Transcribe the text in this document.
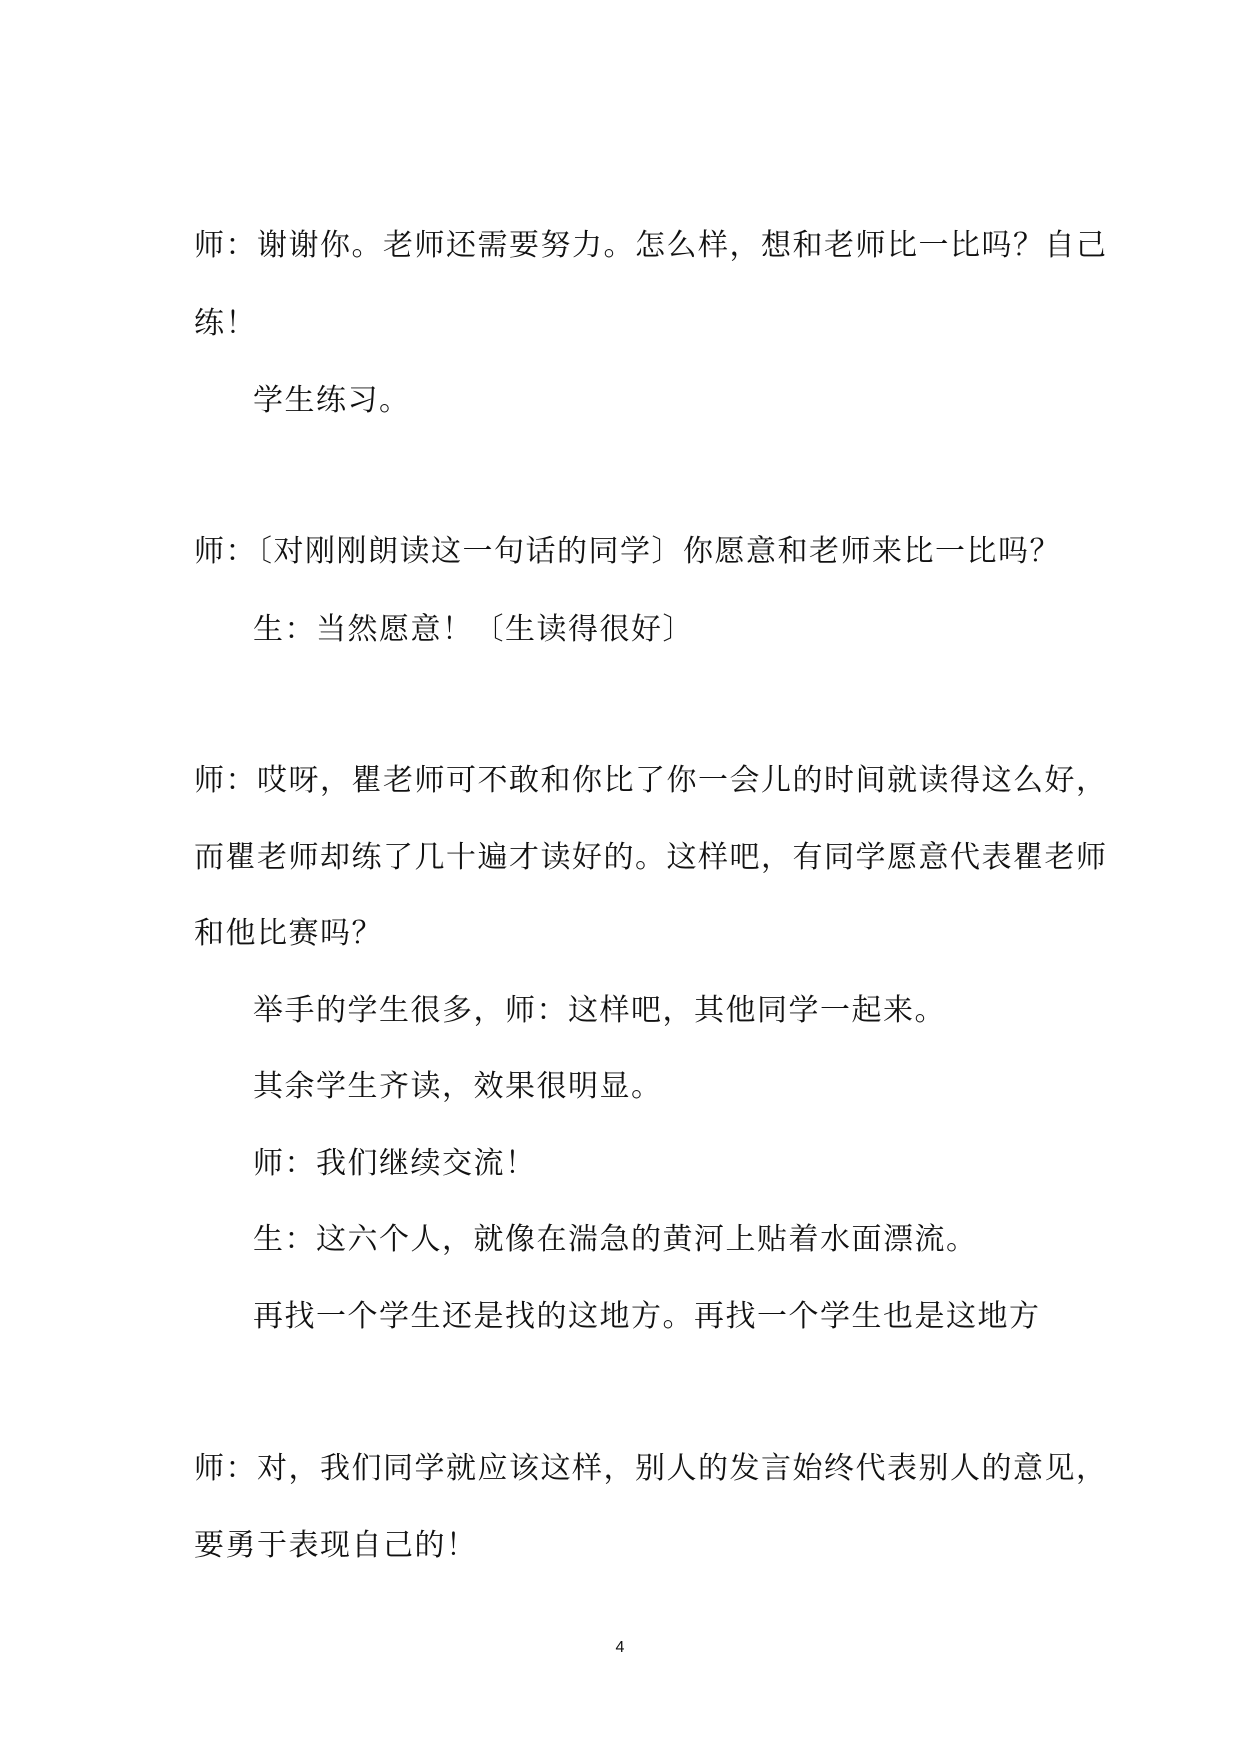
师：谢谢你。老师还需要努力。怎么样，想和老师比一比吗？自己
练！
学生练习。
师：〔对刚刚朗读这一句话的同学〕你愿意和老师来比一比吗？
生：当然愿意！〔生读得很好〕
师：哎呀，瞿老师可不敢和你比了你一会儿的时间就读得这么好，
而瞿老师却练了几十遍才读好的。这样吧，有同学愿意代表瞿老师
和他比赛吗？
举手的学生很多，师：这样吧，其他同学一起来。
其余学生齐读，效果很明显。
师：我们继续交流！
生：这六个人，就像在湍急的黄河上贴着水面漂流。
再找一个学生还是找的这地方。再找一个学生也是这地方
师：对，我们同学就应该这样，别人的发言始终代表别人的意见，
要勇于表现自己的！
4
